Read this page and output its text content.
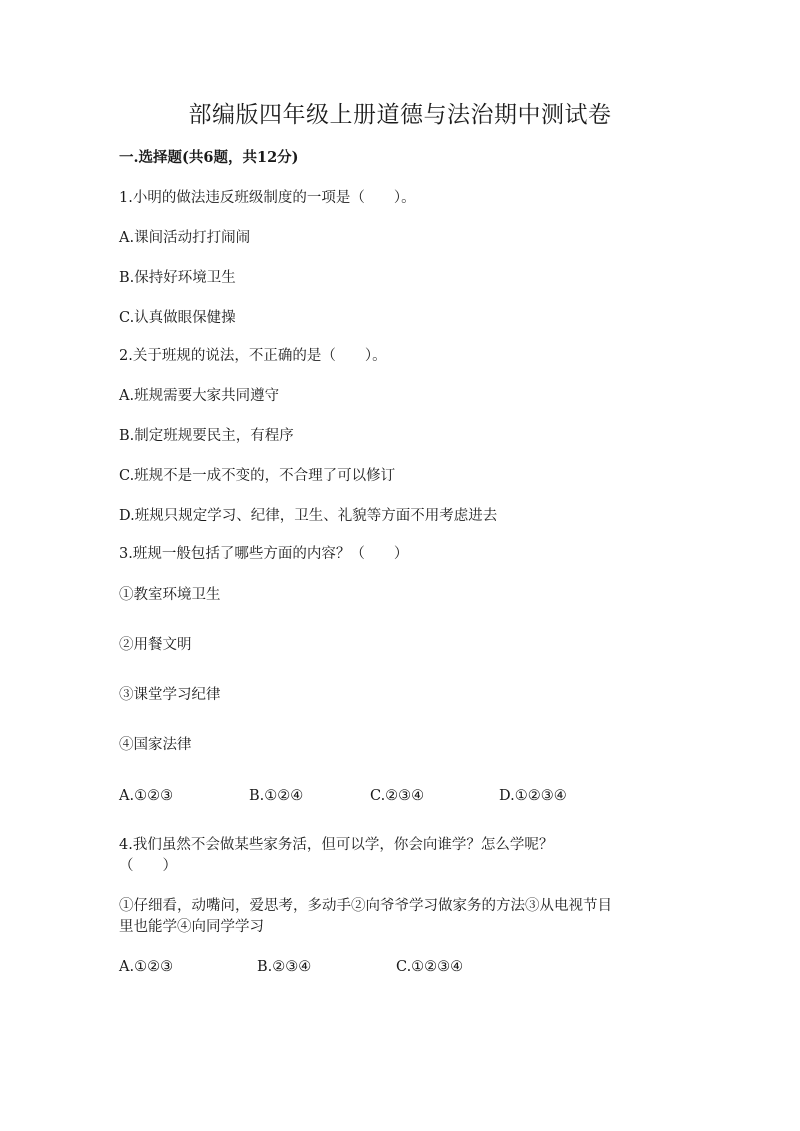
部编版四年级上册道德与法治期中测试卷
一.选择题(共6题，共12分)
1.小明的做法违反班级制度的一项是（　　）。
A.课间活动打打闹闹
B.保持好环境卫生
C.认真做眼保健操
2.关于班规的说法，不正确的是（　　）。
A.班规需要大家共同遵守
B.制定班规要民主，有程序
C.班规不是一成不变的，不合理了可以修订
D.班规只规定学习、纪律，卫生、礼貌等方面不用考虑进去
3.班规一般包括了哪些方面的内容？（　　）
①教室环境卫生
②用餐文明
③课堂学习纪律
④国家法律
A.①②③	B.①②④	C.②③④	D.①②③④
4.我们虽然不会做某些家务活，但可以学，你会向谁学？怎么学呢？
（　　）
①仔细看，动嘴问，爱思考，多动手②向爷爷学习做家务的方法③从电视节目
里也能学④向同学学习
A.①②③	B.②③④	C.①②③④
